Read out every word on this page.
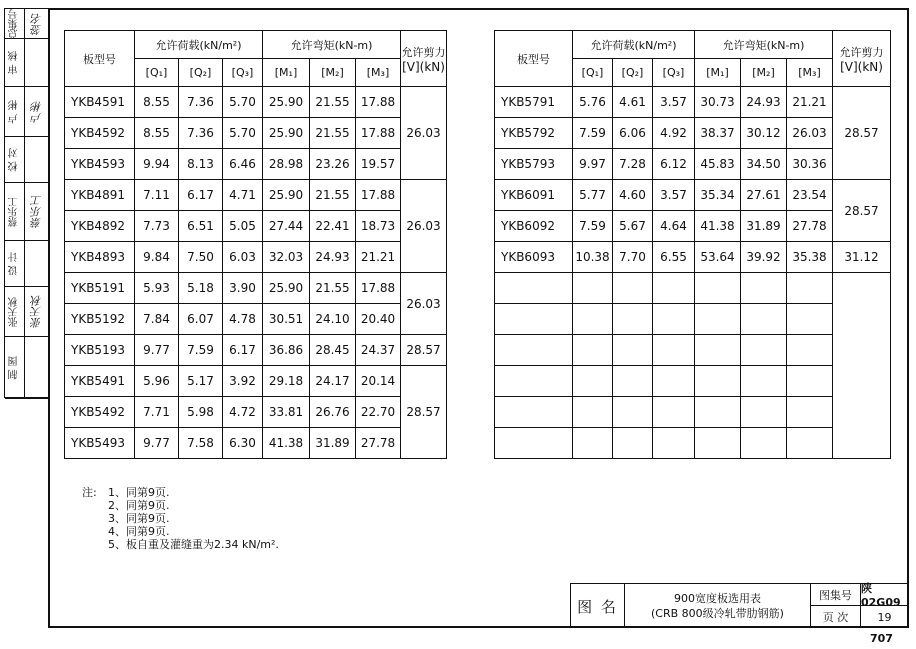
总集号 签名
审 核
卢 彬 卢彬
校 对
蔡乐工 蔡乐工
设 计
张天秋 张天秋
制 图
板型号	允许荷载(kN/m²)			允许弯矩(kN-m)			允许剪力
[V](kN)

	[Q₁]	[Q₂]	[Q₃]	[M₁]	[M₂]	[M₃]	
YKB4591	8.55	7.36	5.70	25.90	21.55	17.88	26.03
YKB4592	8.55	7.36	5.70	25.90	21.55	17.88	
YKB4593	9.94	8.13	6.46	28.98	23.26	19.57	
YKB4891	7.11	6.17	4.71	25.90	21.55	17.88	26.03
YKB4892	7.73	6.51	5.05	27.44	22.41	18.73	
YKB4893	9.84	7.50	6.03	32.03	24.93	21.21	
YKB5191	5.93	5.18	3.90	25.90	21.55	17.88	26.03
YKB5192	7.84	6.07	4.78	30.51	24.10	20.40	
YKB5193	9.77	7.59	6.17	36.86	28.45	24.37	28.57
YKB5491	5.96	5.17	3.92	29.18	24.17	20.14	28.57
YKB5492	7.71	5.98	4.72	33.81	26.76	22.70	
YKB5493	9.77	7.58	6.30	41.38	31.89	27.78	
板型号	允许荷载(kN/m²)			允许弯矩(kN-m)			允许剪力
[V](kN)

	[Q₁]	[Q₂]	[Q₃]	[M₁]	[M₂]	[M₃]	
YKB5791	5.76	4.61	3.57	30.73	24.93	21.21	28.57
YKB5792	7.59	6.06	4.92	38.37	30.12	26.03	
YKB5793	9.97	7.28	6.12	45.83	34.50	30.36	
YKB6091	5.77	4.60	3.57	35.34	27.61	23.54	28.57
YKB6092	7.59	5.67	4.64	41.38	31.89	27.78	
YKB6093	10.38	7.70	6.55	53.64	39.92	35.38	31.12

注: 1、同第9页.
2、同第9页.
3、同第9页.
4、同第9页.
5、板自重及灌缝重为2.34 kN/m².
图 名	900宽度板选用表
(CRB 800级冷轧带肋钢筋)
图集号 陕02G09
页 次	19
707
